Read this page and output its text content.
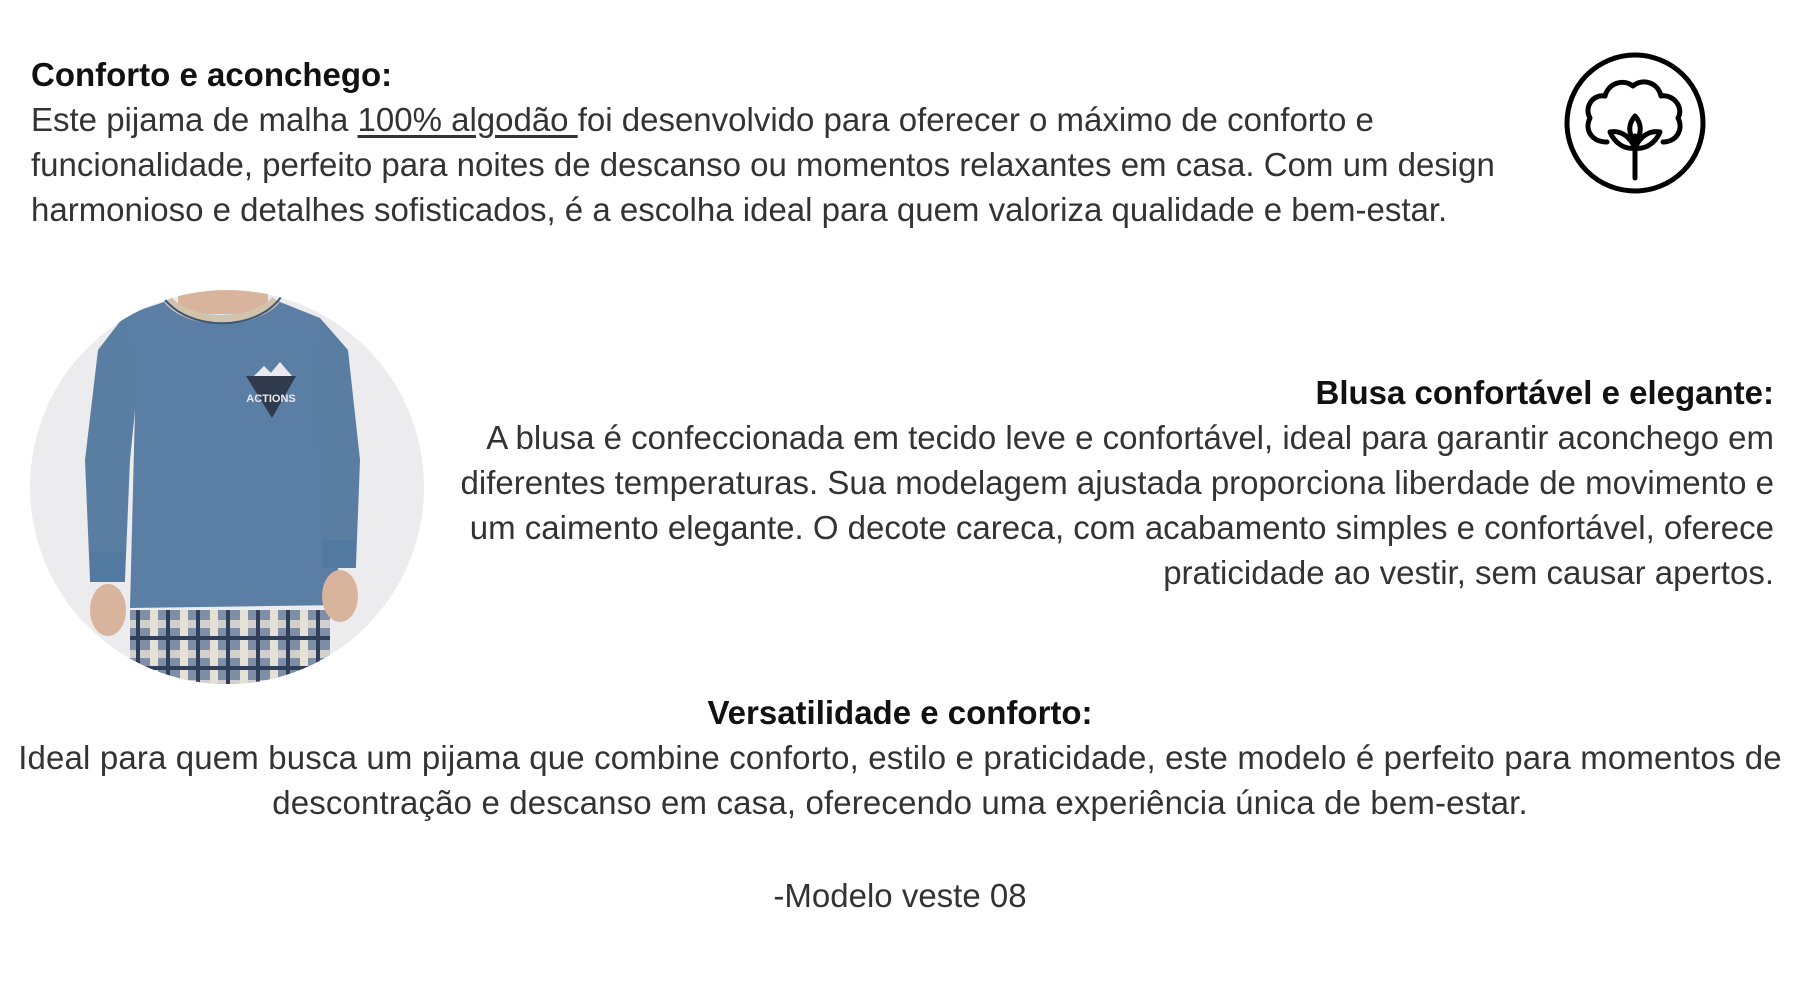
Conforto e aconchego:
Este pijama de malha 100% algodão foi desenvolvido para oferecer o máximo de conforto e funcionalidade, perfeito para noites de descanso ou momentos relaxantes em casa. Com um design harmonioso e detalhes sofisticados, é a escolha ideal para quem valoriza qualidade e bem-estar.
ACTIONS	Blusa confortável e elegante:
A blusa é confeccionada em tecido leve e confortável, ideal para garantir aconchego em diferentes temperaturas. Sua modelagem ajustada proporciona liberdade de movimento e um caimento elegante. O decote careca, com acabamento simples e confortável, oferece praticidade ao vestir, sem causar apertos.
Versatilidade e conforto:
Ideal para quem busca um pijama que combine conforto, estilo e praticidade, este modelo é perfeito para momentos de descontração e descanso em casa, oferecendo uma experiência única de bem-estar.
-Modelo veste 08
